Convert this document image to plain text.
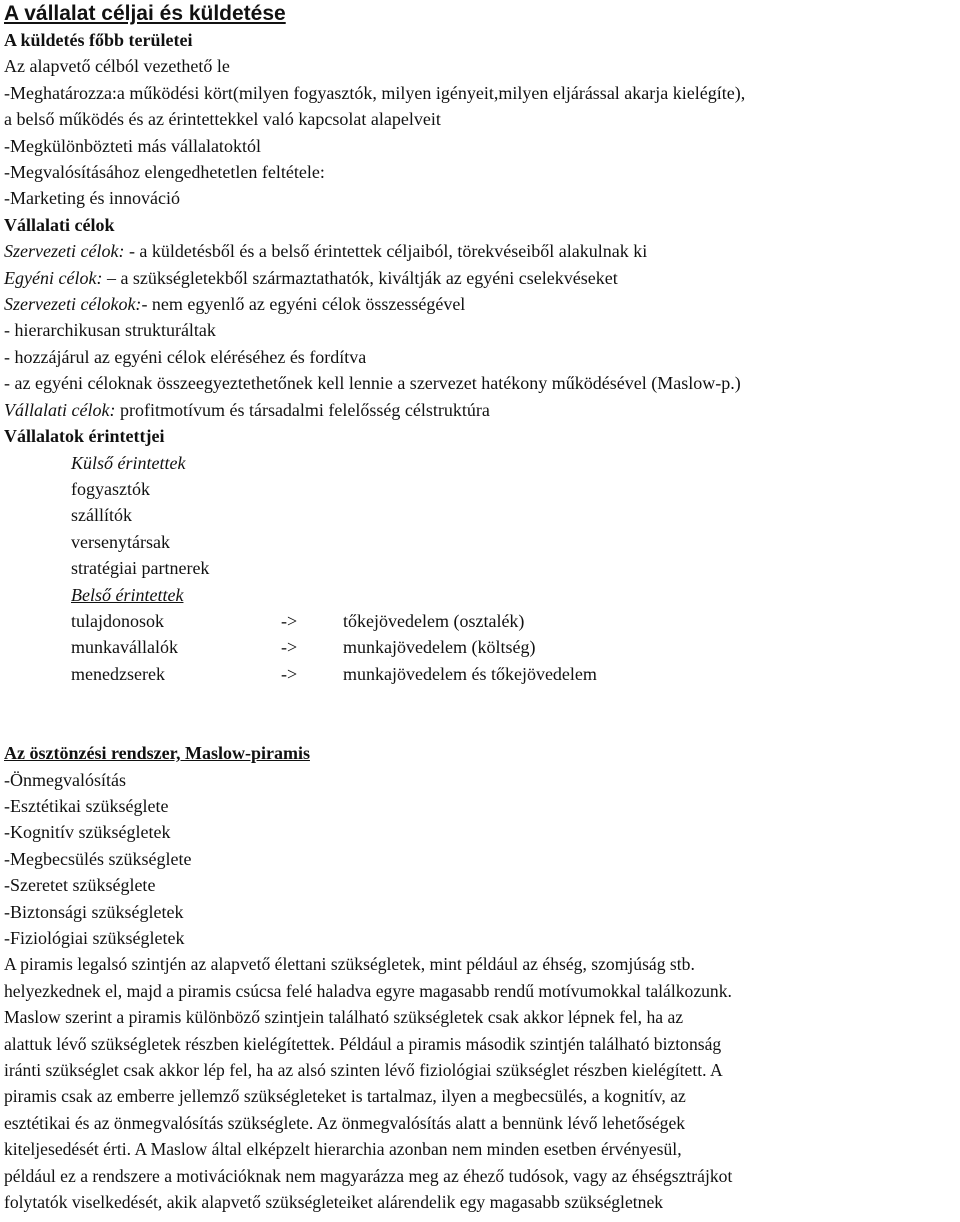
A vállalat céljai és küldetése

A küldetés főbb területei

Az alapvető célból vezethető le

-Meghatározza:a működési kört(milyen fogyasztók, milyen igényeit,milyen eljárással akarja kielégíte),

a belső működés és az érintettekkel való kapcsolat alapelveit

-Megkülönbözteti más vállalatoktól

-Megvalósításához elengedhetetlen feltétele:

-Marketing és innováció

Vállalati célok

Szervezeti célok: - a küldetésből és a belső érintettek céljaiból, törekvéseiből alakulnak ki

Egyéni célok: – a szükségletekből származtathatók, kiváltják az egyéni cselekvéseket

Szervezeti célokok:- nem egyenlő az egyéni célok összességével

- hierarchikusan strukturáltak

- hozzájárul az egyéni célok eléréséhez és fordítva

- az egyéni céloknak összeegyeztethetőnek kell lennie a szervezet hatékony működésével (Maslow-p.)

Vállalati célok: profitmotívum és társadalmi felelősség célstruktúra

Vállalatok érintettjei

Külső érintettek

fogyasztók

szállítók

versenytársak

stratégiai partnerek

Belső érintettek

tulajdonosok	->	tőkejövedelem (osztalék)
munkavállalók	->	munkajövedelem (költség)
menedzserek	->	munkajövedelem és tőkejövedelem

Az ösztönzési rendszer, Maslow-piramis

-Önmegvalósítás

-Esztétikai szükséglete

-Kognitív szükségletek

-Megbecsülés szükséglete

-Szeretet szükséglete

-Biztonsági szükségletek

-Fiziológiai szükségletek

A piramis legalsó szintjén az alapvető élettani szükségletek, mint például az éhség, szomjúság stb.

helyezkednek el, majd a piramis csúcsa felé haladva egyre magasabb rendű motívumokkal találkozunk.

Maslow szerint a piramis különböző szintjein található szükségletek csak akkor lépnek fel, ha az

alattuk lévő szükségletek részben kielégítettek. Például a piramis második szintjén található biztonság

iránti szükséglet csak akkor lép fel, ha az alsó szinten lévő fiziológiai szükséglet részben kielégített. A

piramis csak az emberre jellemző szükségleteket is tartalmaz, ilyen a megbecsülés, a kognitív, az

esztétikai és az önmegvalósítás szükséglete. Az önmegvalósítás alatt a bennünk lévő lehetőségek

kiteljesedését érti. A Maslow által elképzelt hierarchia azonban nem minden esetben érvényesül,

például ez a rendszere a motivációknak nem magyarázza meg az éhező tudósok, vagy az éhségsztrájkot

folytatók viselkedését, akik alapvető szükségleteiket alárendelik egy magasabb szükségletnek
